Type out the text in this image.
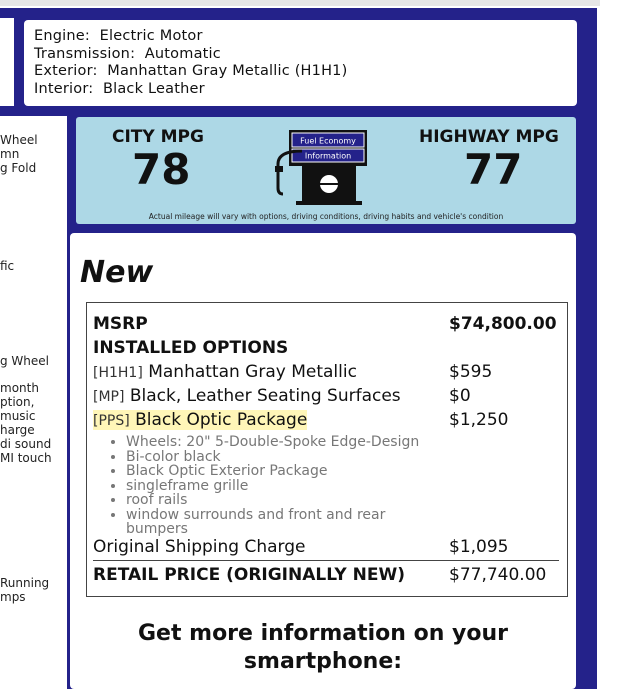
Wheel
mn
g Fold
fic
g Wheel
month
ption,
music
harge
di sound
MI touch
Running
mps
Engine: Electric Motor
Transmission: Automatic
Exterior: Manhattan Gray Metallic (H1H1)
Interior: Black Leather
CITY MPG
78
HIGHWAY MPG
77
Fuel Economy
Information
Actual mileage will vary with options, driving conditions, driving habits and vehicle's condition
New
MSRP	$74,800.00
INSTALLED OPTIONS
[H1H1] Manhattan Gray Metallic	$595
[MP] Black, Leather Seating Surfaces	$0
[PPS] Black Optic Package	$1,250
• Wheels: 20" 5-Double-Spoke Edge-Design
• Bi-color black
• Black Optic Exterior Package
• singleframe grille
• roof rails
• window surrounds and front and rear bumpers
Original Shipping Charge	$1,095
RETAIL PRICE (ORIGINALLY NEW)	$77,740.00
Get more information on your smartphone:
